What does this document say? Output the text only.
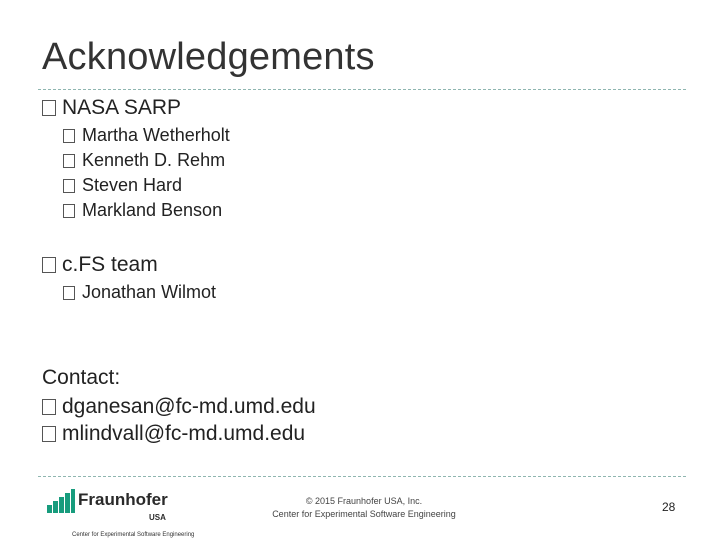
Acknowledgements
NASA SARP
Martha Wetherholt
Kenneth D. Rehm
Steven Hard
Markland Benson
c.FS team
Jonathan Wilmot
Contact:
dganesan@fc-md.umd.edu
mlindvall@fc-md.umd.edu
Fraunhofer
USA
Center for Experimental Software Engineering
© 2015 Fraunhofer USA, Inc.
Center for Experimental Software Engineering	28
